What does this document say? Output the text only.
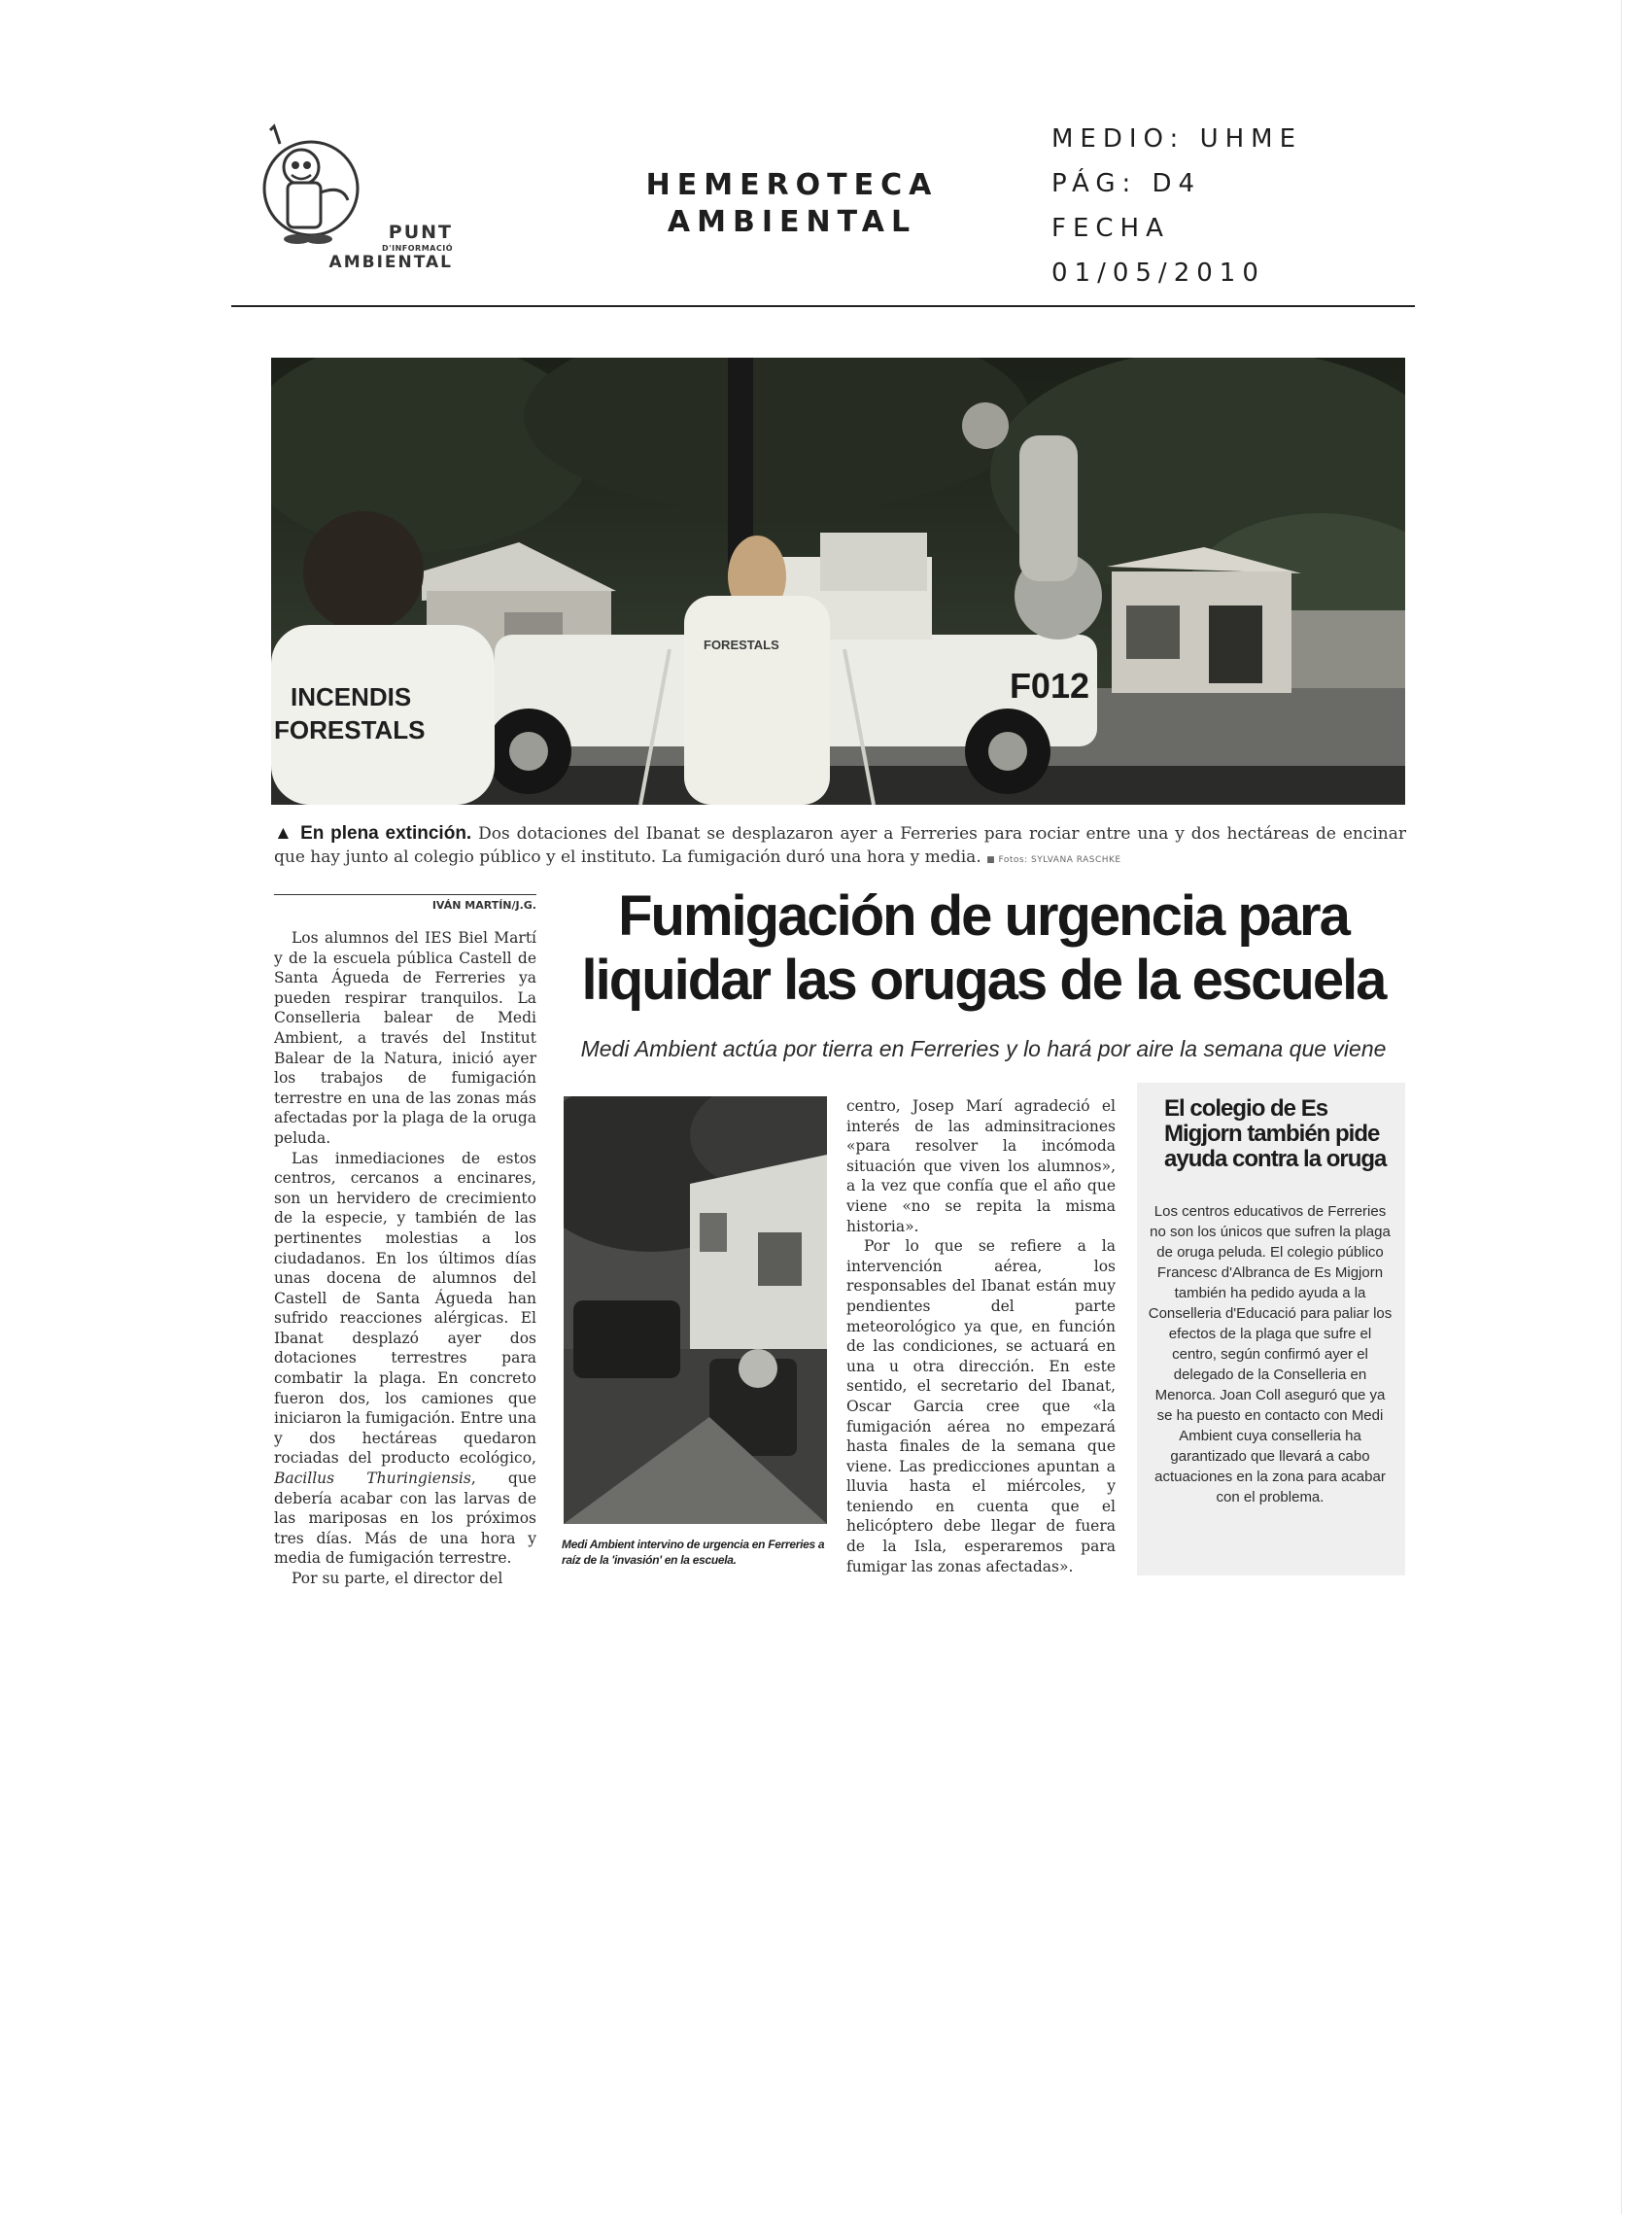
PUNT
D'INFORMACIÓ
AMBIENTAL
HEMEROTECA
AMBIENTAL
MEDIO: UHME
PÁG: D4
FECHA
01/05/2010
F012
INCENDIS
FORESTALS
FORESTALS
▲ En plena extinción. Dos dotaciones del Ibanat se desplazaron ayer a Ferreries para rociar entre una y dos hectáreas de encinar que hay junto al colegio público y el instituto. La fumigación duró una hora y media. ■ Fotos: SYLVANA RASCHKE
IVÁN MARTÍN/J.G.	Fumigación de urgencia para
liquidar las orugas de la escuela
Medi Ambient actúa por tierra en Ferreries y lo hará por aire la semana que viene

Los alumnos del IES Biel Martí y de la escuela pública Castell de Santa Águeda de Ferreries ya pueden respirar tranquilos. La Conselleria balear de Medi Ambient, a través del Institut Balear de la Natura, inició ayer los trabajos de fumigación terrestre en una de las zonas más afectadas por la plaga de la oruga peluda.

Las inmediaciones de estos centros, cercanos a encinares, son un hervidero de crecimiento de la especie, y también de las pertinentes molestias a los ciudadanos. En los últimos días unas docena de alumnos del Castell de Santa Águeda han sufrido reacciones alérgicas. El Ibanat desplazó ayer dos dotaciones terrestres para combatir la plaga. En concreto fueron dos, los camiones que iniciaron la fumigación. Entre una y dos hectáreas quedaron rociadas del producto ecológico, Bacillus Thuringiensis, que debería acabar con las larvas de las mariposas en los próximos tres días. Más de una hora y media de fumigación terrestre.

Por su parte, el director del

Medi Ambient intervino de urgencia en Ferreries a raíz de la 'invasión' en la escuela.

centro, Josep Marí agradeció el interés de las adminsitraciones «para resolver la incómoda situación que viven los alumnos», a la vez que confía que el año que viene «no se repita la misma historia».

Por lo que se refiere a la intervención aérea, los responsables del Ibanat están muy pendientes del parte meteorológico ya que, en función de las condiciones, se actuará en una u otra dirección. En este sentido, el secretario del Ibanat, Oscar Garcia cree que «la fumigación aérea no empezará hasta finales de la semana que viene. Las predicciones apuntan a lluvia hasta el miércoles, y teniendo en cuenta que el helicóptero debe llegar de fuera de la Isla, esperaremos para fumigar las zonas afectadas».

El colegio de Es Migjorn también pide ayuda contra la oruga

Los centros educativos de Ferreries no son los únicos que sufren la plaga de oruga peluda. El colegio público Francesc d'Albranca de Es Migjorn también ha pedido ayuda a la Conselleria d'Educació para paliar los efectos de la plaga que sufre el centro, según confirmó ayer el delegado de la Conselleria en Menorca. Joan Coll aseguró que ya se ha puesto en contacto con Medi Ambient cuya conselleria ha garantizado que llevará a cabo actuaciones en la zona para acabar con el problema.
